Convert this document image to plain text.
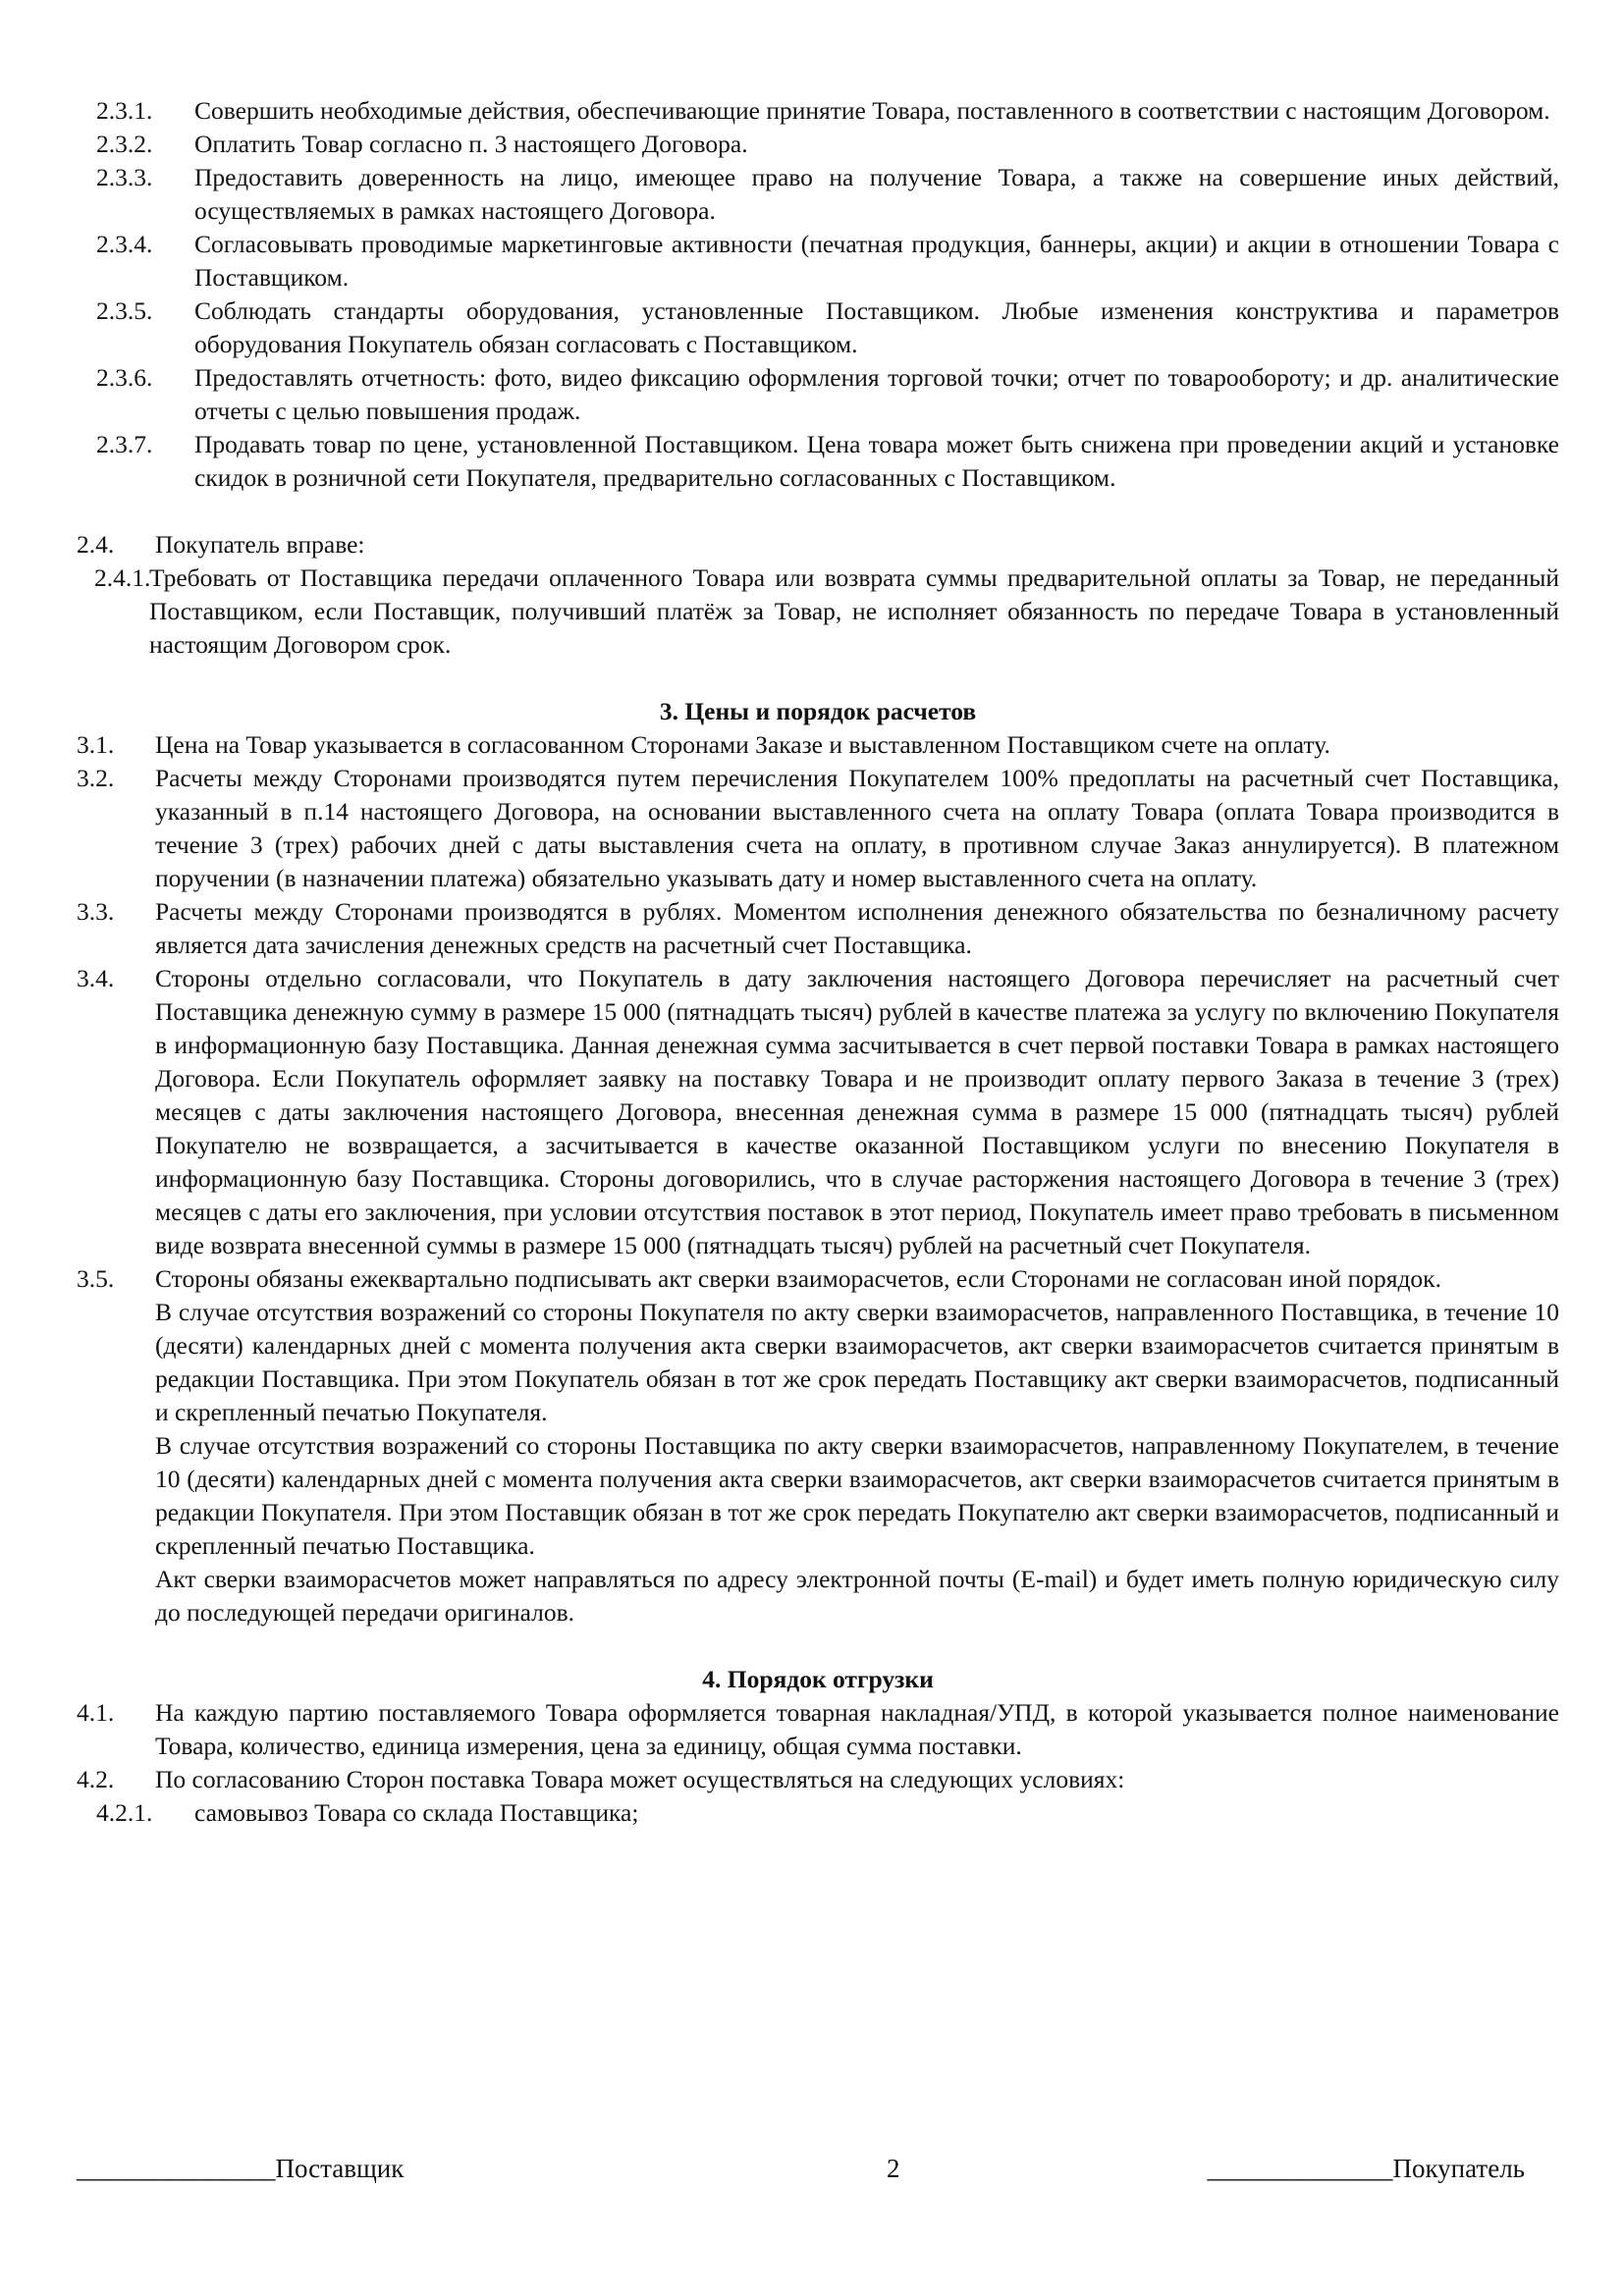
2.3.1. Совершить необходимые действия, обеспечивающие принятие Товара, поставленного в соответствии с настоящим Договором.
2.3.2. Оплатить Товар согласно п. 3 настоящего Договора.
2.3.3. Предоставить доверенность на лицо, имеющее право на получение Товара, а также на совершение иных действий, осуществляемых в рамках настоящего Договора.
2.3.4. Согласовывать проводимые маркетинговые активности (печатная продукция, баннеры, акции) и акции в отношении Товара с Поставщиком.
2.3.5. Соблюдать стандарты оборудования, установленные Поставщиком. Любые изменения конструктива и параметров оборудования Покупатель обязан согласовать с Поставщиком.
2.3.6. Предоставлять отчетность: фото, видео фиксацию оформления торговой точки; отчет по товарообороту; и др. аналитические отчеты с целью повышения продаж.
2.3.7. Продавать товар по цене, установленной Поставщиком. Цена товара может быть снижена при проведении акций и установке скидок в розничной сети Покупателя, предварительно согласованных с Поставщиком.
2.4. Покупатель вправе:
2.4.1.
Требовать от Поставщика передачи оплаченного Товара или возврата суммы предварительной оплаты за Товар, не переданный Поставщиком, если Поставщик, получивший платёж за Товар, не исполняет обязанность по передаче Товара в установленный настоящим Договором срок.
3. Цены и порядок расчетов
3.1. Цена на Товар указывается в согласованном Сторонами Заказе и выставленном Поставщиком счете на оплату.
3.2. Расчеты между Сторонами производятся путем перечисления Покупателем 100% предоплаты на расчетный счет Поставщика, указанный в п.14 настоящего Договора, на основании выставленного счета на оплату Товара (оплата Товара производится в течение 3 (трех) рабочих дней с даты выставления счета на оплату, в противном случае Заказ аннулируется). В платежном поручении (в назначении платежа) обязательно указывать дату и номер выставленного счета на оплату.
3.3. Расчеты между Сторонами производятся в рублях. Моментом исполнения денежного обязательства по безналичному расчету является дата зачисления денежных средств на расчетный счет Поставщика.
3.4. Стороны отдельно согласовали, что Покупатель в дату заключения настоящего Договора перечисляет на расчетный счет Поставщика денежную сумму в размере 15 000 (пятнадцать тысяч) рублей в качестве платежа за услугу по включению Покупателя в информационную базу Поставщика. Данная денежная сумма засчитывается в счет первой поставки Товара в рамках настоящего Договора. Если Покупатель оформляет заявку на поставку Товара и не производит оплату первого Заказа в течение 3 (трех) месяцев с даты заключения настоящего Договора, внесенная денежная сумма в размере 15 000 (пятнадцать тысяч) рублей Покупателю не возвращается, а засчитывается в качестве оказанной Поставщиком услуги по внесению Покупателя в информационную базу Поставщика. Стороны договорились, что в случае расторжения настоящего Договора в течение 3 (трех) месяцев с даты его заключения, при условии отсутствия поставок в этот период, Покупатель имеет право требовать в письменном виде возврата внесенной суммы в размере 15 000 (пятнадцать тысяч) рублей на расчетный счет Покупателя.
3.5. Стороны обязаны ежеквартально подписывать акт сверки взаиморасчетов, если Сторонами не согласован иной порядок.
В случае отсутствия возражений со стороны Покупателя по акту сверки взаиморасчетов, направленного Поставщика, в течение 10 (десяти) календарных дней с момента получения акта сверки взаиморасчетов, акт сверки взаиморасчетов считается принятым в редакции Поставщика. При этом Покупатель обязан в тот же срок передать Поставщику акт сверки взаиморасчетов, подписанный и скрепленный печатью Покупателя.
В случае отсутствия возражений со стороны Поставщика по акту сверки взаиморасчетов, направленному Покупателем, в течение 10 (десяти) календарных дней с момента получения акта сверки взаиморасчетов, акт сверки взаиморасчетов считается принятым в редакции Покупателя. При этом Поставщик обязан в тот же срок передать Покупателю акт сверки взаиморасчетов, подписанный и скрепленный печатью Поставщика.
Акт сверки взаиморасчетов может направляться по адресу электронной почты (E-mail) и будет иметь полную юридическую силу до последующей передачи оригиналов.
4. Порядок отгрузки
4.1. На каждую партию поставляемого Товара оформляется товарная накладная/УПД, в которой указывается полное наименование Товара, количество, единица измерения, цена за единицу, общая сумма поставки.
4.2. По согласованию Сторон поставка Товара может осуществляться на следующих условиях:
4.2.1. самовывоз Товара со склада Поставщика;
_______________Поставщик	2	______________Покупатель
